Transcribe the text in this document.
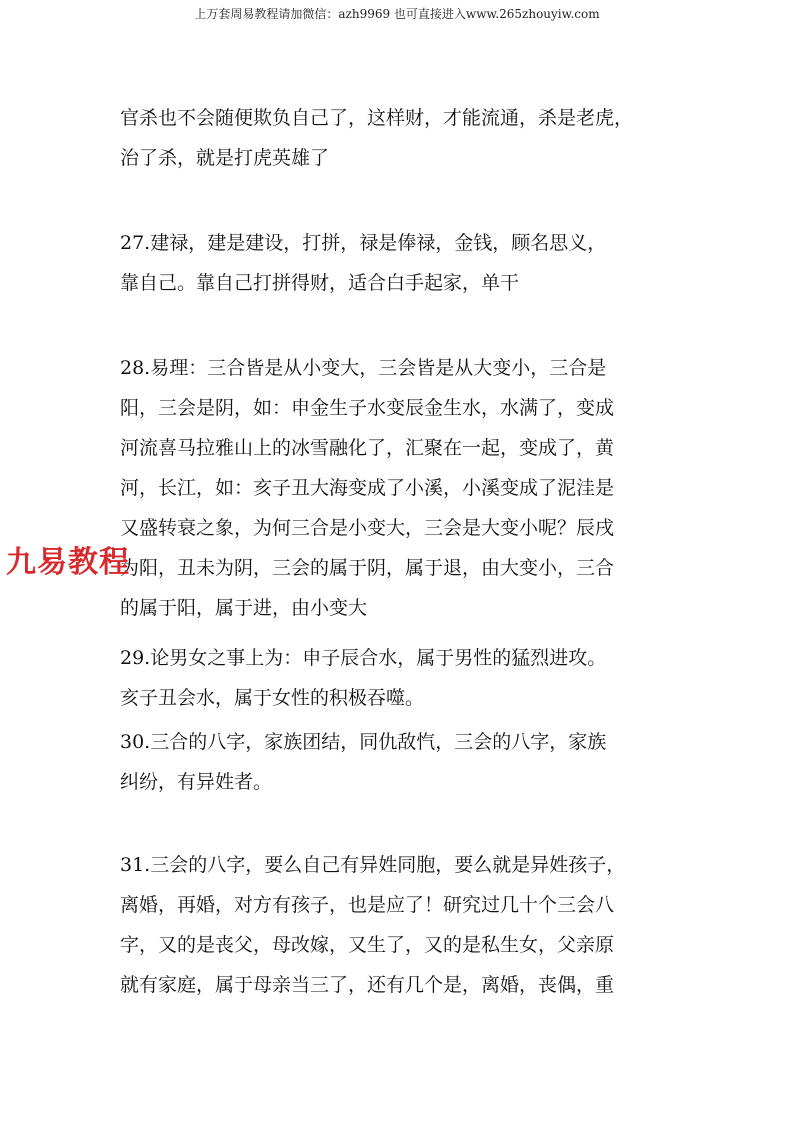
上万套周易教程请加微信：azh9969 也可直接进入www.265zhouyiw.com

官杀也不会随便欺负自己了，这样财，才能流通，杀是老虎，

治了杀，就是打虎英雄了

27.建禄，建是建设，打拼，禄是俸禄，金钱，顾名思义，

靠自己。靠自己打拼得财，适合白手起家，单干

28.易理：三合皆是从小变大，三会皆是从大变小，三合是

阳，三会是阴，如：申金生子水变辰金生水，水满了，变成

河流喜马拉雅山上的冰雪融化了，汇聚在一起，变成了，黄

河，长江，如：亥子丑大海变成了小溪，小溪变成了泥洼是

又盛转衰之象，为何三合是小变大，三会是大变小呢？辰戌

为阳，丑未为阴，三会的属于阴，属于退，由大变小，三合

的属于阳，属于进，由小变大

29.论男女之事上为：申子辰合水，属于男性的猛烈进攻。

亥子丑会水，属于女性的积极吞噬。

30.三合的八字，家族团结，同仇敌忾，三会的八字，家族

纠纷，有异姓者。

31.三会的八字，要么自己有异姓同胞，要么就是异姓孩子，

离婚，再婚，对方有孩子，也是应了！研究过几十个三会八

字，又的是丧父，母改嫁，又生了，又的是私生女，父亲原

就有家庭，属于母亲当三了，还有几个是，离婚，丧偶，重

九易教程
